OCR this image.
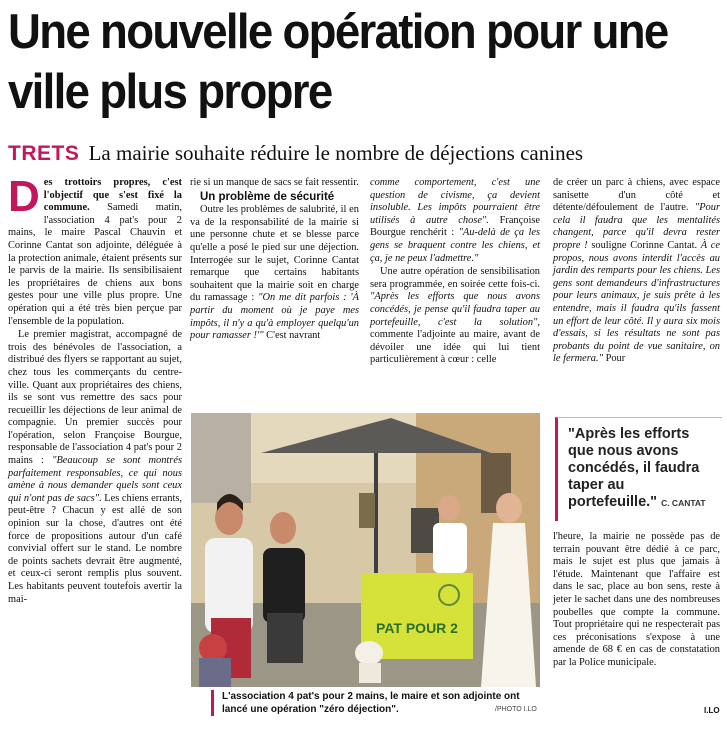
Une nouvelle opération pour une ville plus propre
TRETS La mairie souhaite réduire le nombre de déjections canines

Des trottoirs propres, c'est l'objectif que s'est fixé la commune. Samedi matin, l'association 4 pat's pour 2 mains, le maire Pascal Chauvin et Corinne Cantat son adjointe, déléguée à la protection animale, étaient présents sur le parvis de la mairie. Ils sensibilisaient les propriétaires de chiens aux bons gestes pour une ville plus propre. Une opération qui a été très bien perçue par l'ensemble de la population.

Le premier magistrat, accompagné de trois des bénévoles de l'association, a distribué des flyers se rapportant au sujet, chez tous les commerçants du centre-ville. Quant aux propriétaires des chiens, ils se sont vus remettre des sacs pour recueillir les déjections de leur animal de compagnie. Un premier succès pour l'opération, selon Françoise Bourgue, responsable de l'association 4 pat's pour 2 mains : "Beaucoup se sont montrés parfaitement responsables, ce qui nous amène à nous demander quels sont ceux qui n'ont pas de sacs". Les chiens errants, peut-être ? Chacun y est allé de son opinion sur la chose, d'autres ont été force de propositions autour d'un café convivial offert sur le stand. Le nombre de points sachets devrait être augmenté, et ceux-ci seront remplis plus souvent. Les habitants peuvent toutefois avertir la mai-

rie si un manque de sacs se fait ressentir.

Un problème de sécurité

Outre les problèmes de salubrité, il en va de la responsabilité de la mairie si une personne chute et se blesse parce qu'elle a posé le pied sur une déjection. Interrogée sur le sujet, Corinne Cantat remarque que certains habitants souhaitent que la mairie soit en charge du ramassage : "On me dit parfois : 'À partir du moment où je paye mes impôts, il n'y a qu'à employer quelqu'un pour ramasser !'" C'est navrant

comme comportement, c'est une question de civisme, ça devient insoluble. Les impôts pourraient être utilisés à autre chose". Françoise Bourgue renchérit : "Au-delà de ça les gens se braquent contre les chiens, et ça, je ne peux l'admettre."

Une autre opération de sensibilisation sera programmée, en soirée cette fois-ci. "Après les efforts que nous avons concédés, je pense qu'il faudra taper au portefeuille, c'est la solution", commente l'adjointe au maire, avant de dévoiler une idée qui lui tient particulièrement à cœur : celle

de créer un parc à chiens, avec espace sanisette d'un côté et détente/défoulement de l'autre. "Pour cela il faudra que les mentalités changent, parce qu'il devra rester propre ! souligne Corinne Cantat. À ce propos, nous avons interdit l'accès au jardin des remparts pour les chiens. Les gens sont demandeurs d'infrastructures pour leurs animaux, je suis prête à les entendre, mais il faudra qu'ils fassent un effort de leur côté. Il y aura six mois d'essais, si les résultats ne sont pas probants du point de vue sanitaire, on le fermera." Pour

PAT POUR 2
L'association 4 pat's pour 2 mains, le maire et son adjointe ont lancé une opération "zéro déjection".	/PHOTO I.LO
"Après les efforts que nous avons concédés, il faudra taper au portefeuille." C. CANTAT
l'heure, la mairie ne possède pas de terrain pouvant être dédié à ce parc, mais le sujet est plus que jamais à l'étude. Maintenant que l'affaire est dans le sac, place au bon sens, reste à jeter le sachet dans une des nombreuses poubelles que compte la commune. Tout propriétaire qui ne respecterait pas ces préconisations s'expose à une amende de 68 € en cas de constatation par la Police municipale.
I.LO
